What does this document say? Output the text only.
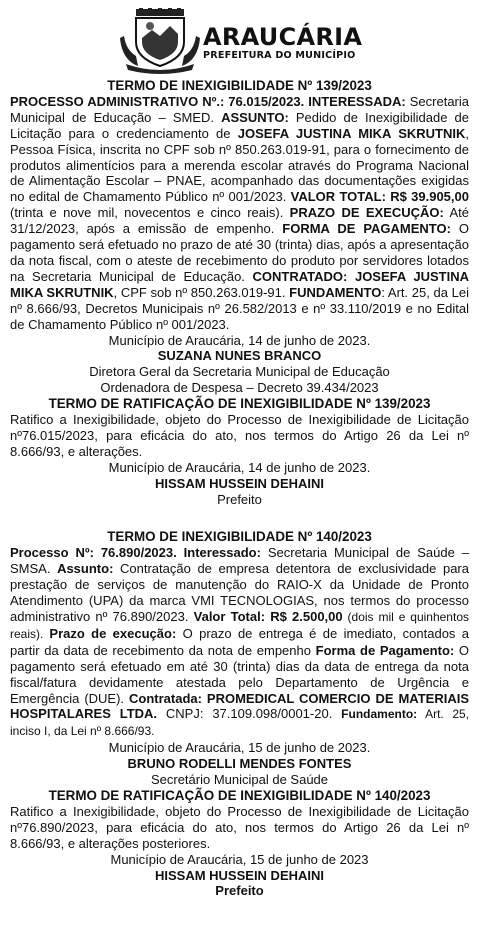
ARAUCÁRIA
PREFEITURA DO MUNICÍPIO
TERMO DE INEXIGIBILIDADE Nº 139/2023
PROCESSO ADMINISTRATIVO Nº.: 76.015/2023. INTERESSADA: Secretaria Municipal de Educação – SMED. ASSUNTO: Pedido de Inexigibilidade de Licitação para o credenciamento de JOSEFA JUSTINA MIKA SKRUTNIK, Pessoa Física, inscrita no CPF sob nº 850.263.019-91, para o fornecimento de produtos alimentícios para a merenda escolar através do Programa Nacional de Alimentação Escolar – PNAE, acompanhado das documentações exigidas no edital de Chamamento Público nº 001/2023. VALOR TOTAL: R$ 39.905,00 (trinta e nove mil, novecentos e cinco reais). PRAZO DE EXECUÇÃO: Até 31/12/2023, após a emissão de empenho. FORMA DE PAGAMENTO: O pagamento será efetuado no prazo de até 30 (trinta) dias, após a apresentação da nota fiscal, com o ateste de recebimento do produto por servidores lotados na Secretaria Municipal de Educação. CONTRATADO: JOSEFA JUSTINA MIKA SKRUTNIK, CPF sob nº 850.263.019-91. FUNDAMENTO: Art. 25, da Lei nº 8.666/93, Decretos Municipais nº 26.582/2013 e nº 33.110/2019 e no Edital de Chamamento Público nº 001/2023.
Município de Araucária, 14 de junho de 2023.
SUZANA NUNES BRANCO
Diretora Geral da Secretaria Municipal de Educação
Ordenadora de Despesa – Decreto 39.434/2023
TERMO DE RATIFICAÇÃO DE INEXIGIBILIDADE Nº 139/2023
Ratifico a Inexigibilidade, objeto do Processo de Inexigibilidade de Licitação nº76.015/2023, para eficácia do ato, nos termos do Artigo 26 da Lei nº 8.666/93, e alterações.
Município de Araucária, 14 de junho de 2023.
HISSAM HUSSEIN DEHAINI
Prefeito
TERMO DE INEXIGIBILIDADE Nº 140/2023
Processo Nº: 76.890/2023. Interessado: Secretaria Municipal de Saúde – SMSA. Assunto: Contratação de empresa detentora de exclusividade para prestação de serviços de manutenção do RAIO-X da Unidade de Pronto Atendimento (UPA) da marca VMI TECNOLOGIAS, nos termos do processo administrativo nº 76.890/2023. Valor Total: R$ 2.500,00 (dois mil e quinhentos reais). Prazo de execução: O prazo de entrega é de imediato, contados a partir da data de recebimento da nota de empenho Forma de Pagamento: O pagamento será efetuado em até 30 (trinta) dias da data de entrega da nota fiscal/fatura devidamente atestada pelo Departamento de Urgência e Emergência (DUE). Contratada: PROMEDICAL COMERCIO DE MATERIAIS HOSPITALARES LTDA. CNPJ: 37.109.098/0001-20. Fundamento: Art. 25, inciso I, da Lei nº 8.666/93.
Município de Araucária, 15 de junho de 2023.
BRUNO RODELLI MENDES FONTES
Secretário Municipal de Saúde
TERMO DE RATIFICAÇÃO DE INEXIGIBILIDADE Nº 140/2023
Ratifico a Inexigibilidade, objeto do Processo de Inexigibilidade de Licitação nº76.890/2023, para eficácia do ato, nos termos do Artigo 26 da Lei nº 8.666/93, e alterações posteriores.
Município de Araucária, 15 de junho de 2023
HISSAM HUSSEIN DEHAINI
Prefeito
